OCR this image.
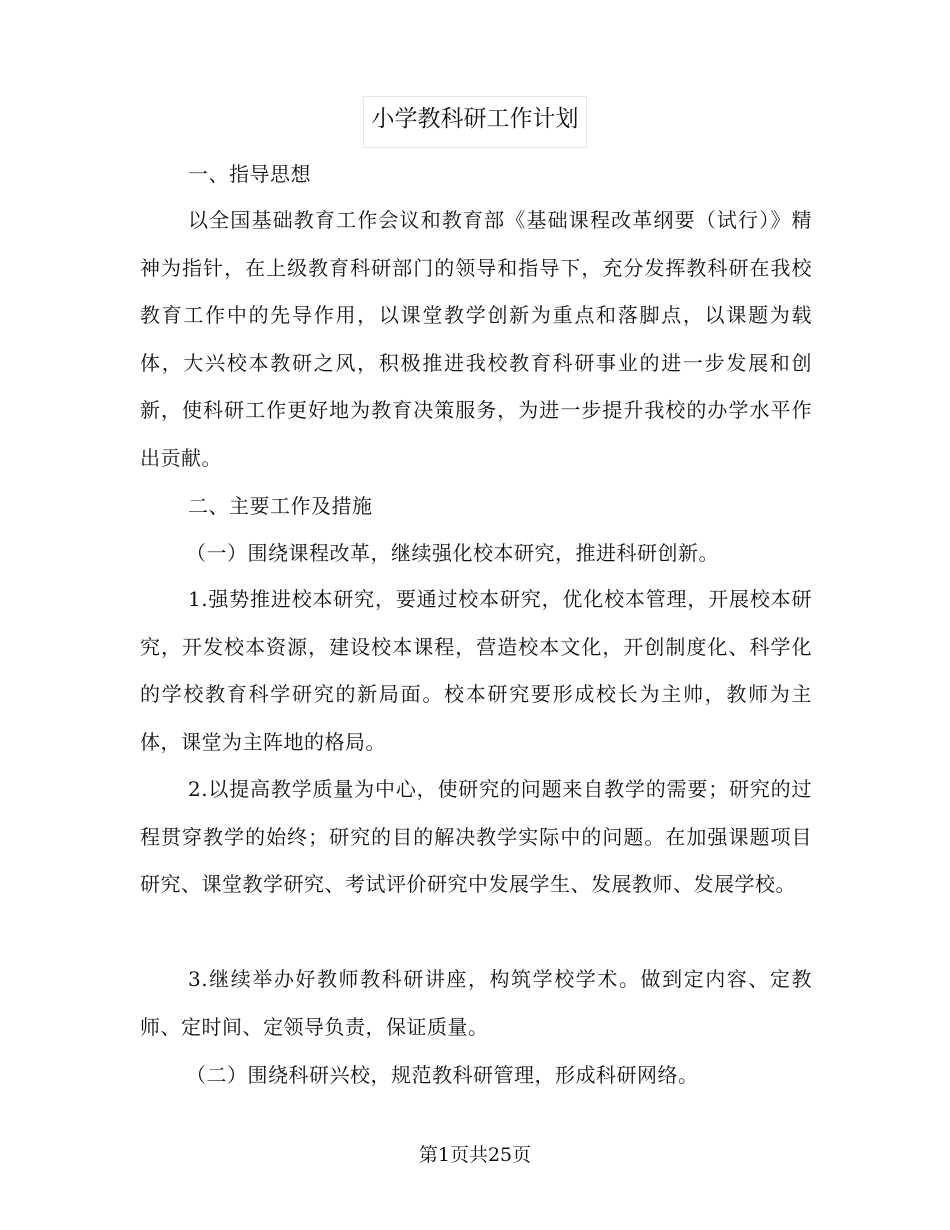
小学教科研工作计划
一、指导思想
以全国基础教育工作会议和教育部《基础课程改革纲要（试行）》精神为指针，在上级教育科研部门的领导和指导下，充分发挥教科研在我校教育工作中的先导作用，以课堂教学创新为重点和落脚点，以课题为载体，大兴校本教研之风，积极推进我校教育科研事业的进一步发展和创新，使科研工作更好地为教育决策服务，为进一步提升我校的办学水平作出贡献。
二、主要工作及措施
（一）围绕课程改革，继续强化校本研究，推进科研创新。
1.强势推进校本研究，要通过校本研究，优化校本管理，开展校本研究，开发校本资源，建设校本课程，营造校本文化，开创制度化、科学化的学校教育科学研究的新局面。校本研究要形成校长为主帅，教师为主体，课堂为主阵地的格局。
2.以提高教学质量为中心，使研究的问题来自教学的需要；研究的过程贯穿教学的始终；研究的目的解决教学实际中的问题。在加强课题项目研究、课堂教学研究、考试评价研究中发展学生、发展教师、发展学校。
3.继续举办好教师教科研讲座，构筑学校学术。做到定内容、定教师、定时间、定领导负责，保证质量。
（二）围绕科研兴校，规范教科研管理，形成科研网络。
第1页共25页
